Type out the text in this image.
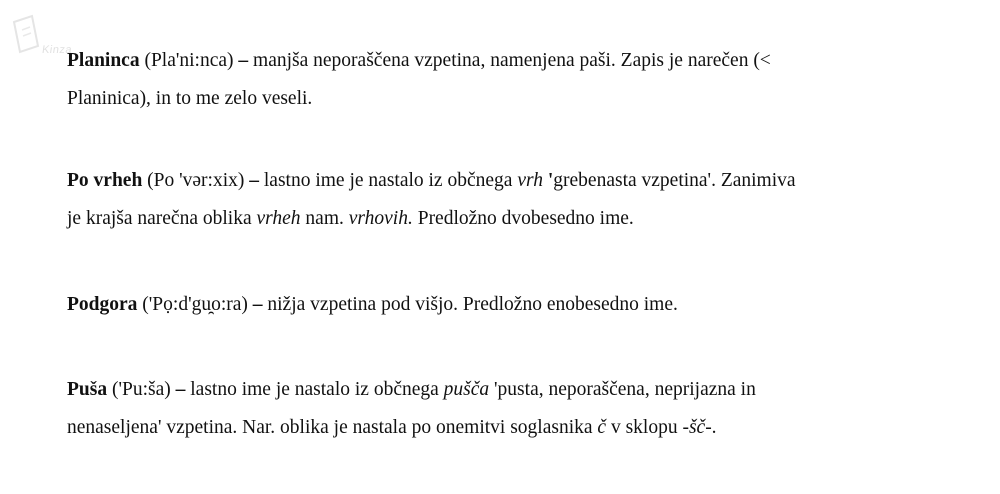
Kinza

Planinca (Pla'ni:nca) – manjša neporaščena vzpetina, namenjena paši. Zapis je narečen (<
Planinica), in to me zelo veseli.

Po vrheh (Po 'vər:xix) – lastno ime je nastalo iz občnega vrh 'grebenasta vzpetina'. Zanimiva
je krajša narečna oblika vrheh nam. vrhovih. Predložno dvobesedno ime.

Podgora ('Pọ:d'gu̯o:ra) – nižja vzpetina pod višjo. Predložno enobesedno ime.

Puša ('Pu:ša) – lastno ime je nastalo iz občnega pušča 'pusta, neporaščena, neprijazna in
nenaseljena' vzpetina. Nar. oblika je nastala po onemitvi soglasnika č v sklopu -šč-.
